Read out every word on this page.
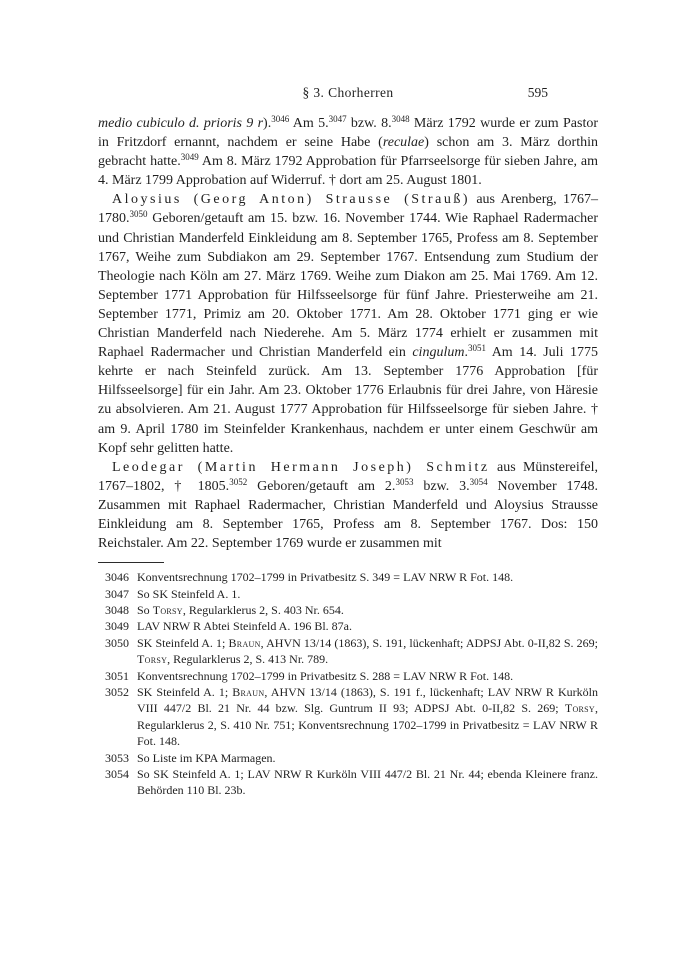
§ 3. Chorherren	595

medio cubiculo d. prioris 9 r).$^{3046}$ Am 5.$^{3047}$ bzw. 8.$^{3048}$ März 1792 wurde er zum Pastor in Fritzdorf ernannt, nachdem er seine Habe (reculae) schon am 3. März dorthin gebracht hatte.$^{3049}$ Am 8. März 1792 Approbation für Pfarrseelsorge für sieben Jahre, am 4. März 1799 Approbation auf Widerruf. † dort am 25. August 1801.

Aloysius (Georg Anton) Strausse (Strauß) aus Arenberg, 1767–1780.$^{3050}$ Geboren/getauft am 15. bzw. 16. November 1744. Wie Raphael Radermacher und Christian Manderfeld Einkleidung am 8. September 1765, Profess am 8. September 1767, Weihe zum Subdiakon am 29. September 1767. Entsendung zum Studium der Theologie nach Köln am 27. März 1769. Weihe zum Diakon am 25. Mai 1769. Am 12. September 1771 Approbation für Hilfsseelsorge für fünf Jahre. Priesterweihe am 21. September 1771, Primiz am 20. Oktober 1771. Am 28. Oktober 1771 ging er wie Christian Manderfeld nach Niederehe. Am 5. März 1774 erhielt er zusammen mit Raphael Radermacher und Christian Manderfeld ein cingulum.$^{3051}$ Am 14. Juli 1775 kehrte er nach Steinfeld zurück. Am 13. September 1776 Approbation [für Hilfsseelsorge] für ein Jahr. Am 23. Oktober 1776 Erlaubnis für drei Jahre, von Häresie zu absolvieren. Am 21. August 1777 Approbation für Hilfsseelsorge für sieben Jahre. † am 9. April 1780 im Steinfelder Krankenhaus, nachdem er unter einem Geschwür am Kopf sehr gelitten hatte.

Leodegar (Martin Hermann Joseph) Schmitz aus Münstereifel, 1767–1802, † 1805.$^{3052}$ Geboren/getauft am 2.$^{3053}$ bzw. 3.$^{3054}$ November 1748. Zusammen mit Raphael Radermacher, Christian Manderfeld und Aloysius Strausse Einkleidung am 8. September 1765, Profess am 8. September 1767. Dos: 150 Reichstaler. Am 22. September 1769 wurde er zusammen mit

3046 Konventsrechnung 1702–1799 in Privatbesitz S. 349 = LAV NRW R Fot. 148.
3047 So SK Steinfeld A. 1.
3048 So Torsy, Regularklerus 2, S. 403 Nr. 654.
3049 LAV NRW R Abtei Steinfeld A. 196 Bl. 87a.
3050 SK Steinfeld A. 1; Braun, AHVN 13/14 (1863), S. 191, lückenhaft; ADPSJ Abt. 0-II,82 S. 269; Torsy, Regularklerus 2, S. 413 Nr. 789.
3051 Konventsrechnung 1702–1799 in Privatbesitz S. 288 = LAV NRW R Fot. 148.
3052 SK Steinfeld A. 1; Braun, AHVN 13/14 (1863), S. 191 f., lückenhaft; LAV NRW R Kurköln VIII 447/2 Bl. 21 Nr. 44 bzw. Slg. Guntrum II 93; ADPSJ Abt. 0-II,82 S. 269; Torsy, Regularklerus 2, S. 410 Nr. 751; Konventsrechnung 1702–1799 in Privatbesitz = LAV NRW R Fot. 148.
3053 So Liste im KPA Marmagen.
3054 So SK Steinfeld A. 1; LAV NRW R Kurköln VIII 447/2 Bl. 21 Nr. 44; ebenda Kleinere franz. Behörden 110 Bl. 23b.
